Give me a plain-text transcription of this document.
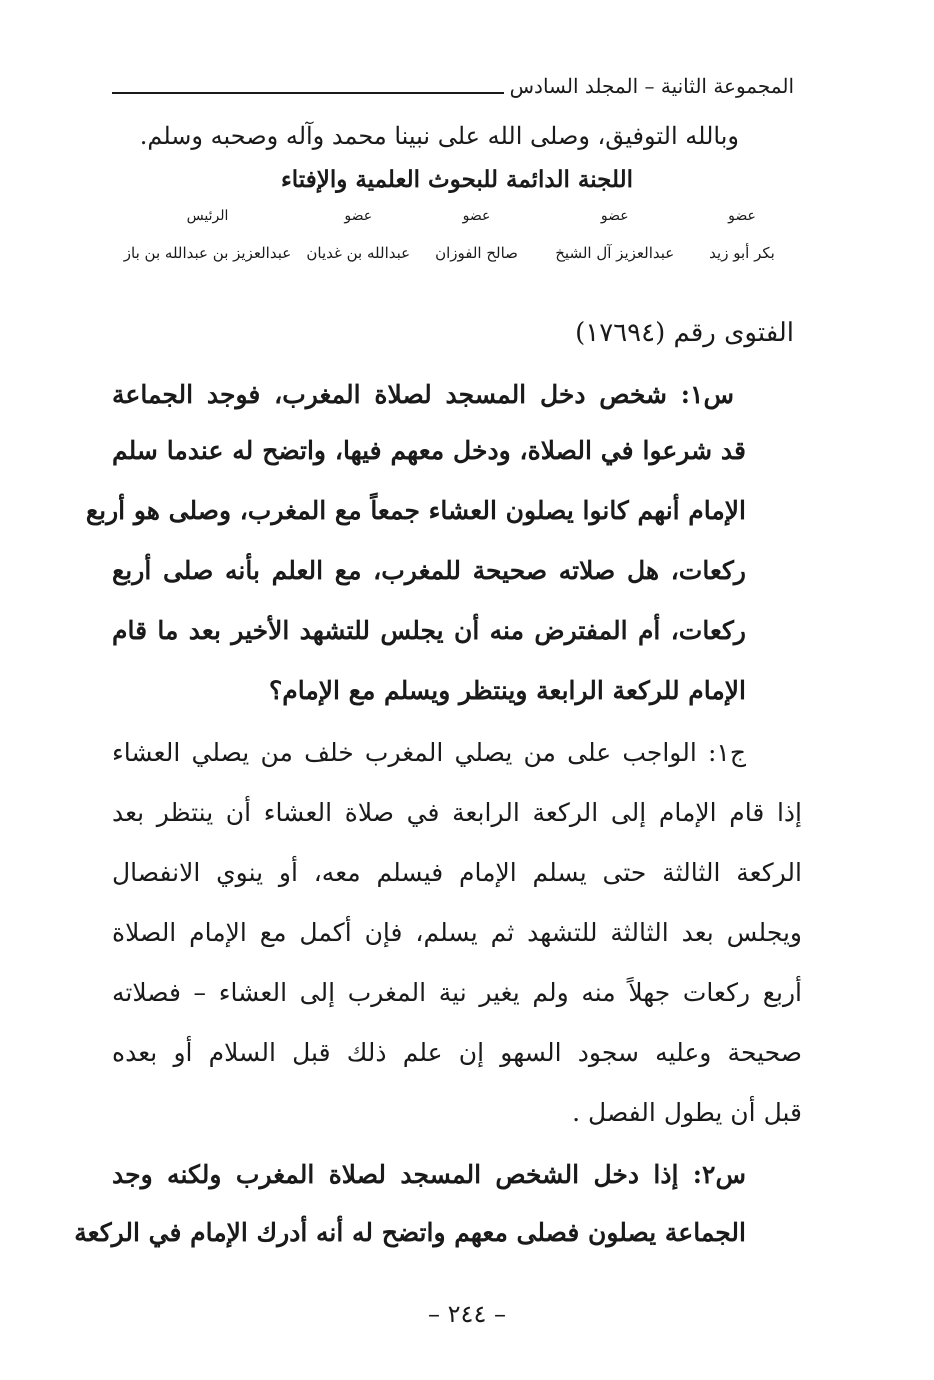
المجموعة الثانية – المجلد السادس
وبالله التوفيق، وصلى الله على نبينا محمد وآله وصحبه وسلم.
اللجنة الدائمة للبحوث العلمية والإفتاء
عضو
عضو
عضو
عضو
الرئيس
بكر أبو زيد
عبدالعزيز آل الشيخ
صالح الفوزان
عبدالله بن غديان
عبدالعزيز بن عبدالله بن باز
الفتوى رقم (١٧٦٩٤)
س١: شخص دخل المسجد لصلاة المغرب، فوجد الجماعة
قد شرعوا في الصلاة، ودخل معهم فيها، واتضح له عندما سلم
الإمام أنهم كانوا يصلون العشاء جمعاً مع المغرب، وصلى هو أربع
ركعات، هل صلاته صحيحة للمغرب، مع العلم بأنه صلى أربع
ركعات، أم المفترض منه أن يجلس للتشهد الأخير بعد ما قام
الإمام للركعة الرابعة وينتظر ويسلم مع الإمام؟
ج١: الواجب على من يصلي المغرب خلف من يصلي العشاء
إذا قام الإمام إلى الركعة الرابعة في صلاة العشاء أن ينتظر بعد
الركعة الثالثة حتى يسلم الإمام فيسلم معه، أو ينوي الانفصال
ويجلس بعد الثالثة للتشهد ثم يسلم، فإن أكمل مع الإمام الصلاة
أربع ركعات جهلاً منه ولم يغير نية المغرب إلى العشاء – فصلاته
صحيحة وعليه سجود السهو إن علم ذلك قبل السلام أو بعده
قبل أن يطول الفصل .
س٢: إذا دخل الشخص المسجد لصلاة المغرب ولكنه وجد
الجماعة يصلون فصلى معهم واتضح له أنه أدرك الإمام في الركعة
– ٢٤٤ –
